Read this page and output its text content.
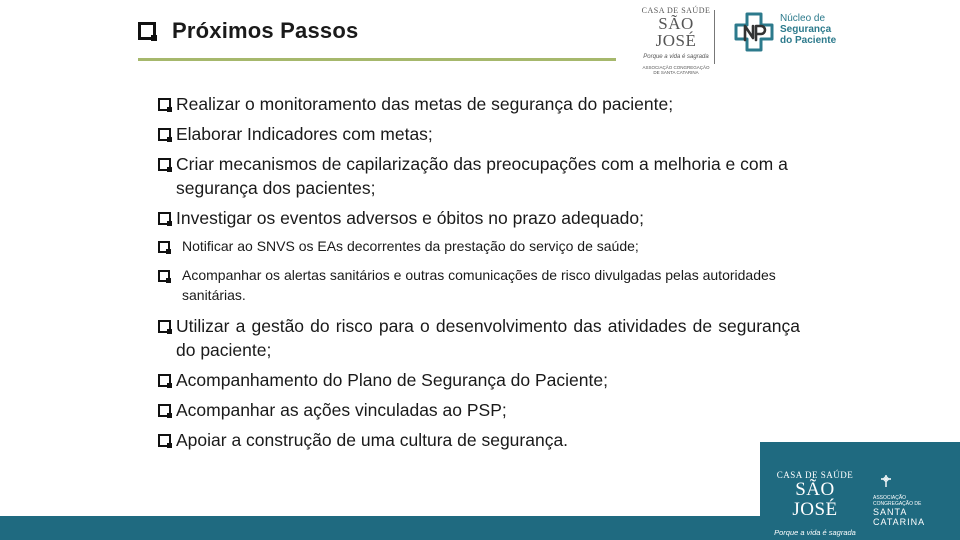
Próximos Passos
CASA DE SAÚDE
SÃO JOSÉ
Porque a vida é sagrada
ASSOCIAÇÃO CONGREGAÇÃO DE SANTA CATARINA
Núcleo de
Segurança
do Paciente
Realizar o monitoramento das metas de segurança do paciente;
Elaborar Indicadores com metas;
Criar mecanismos de capilarização das preocupações com a melhoria e com a segurança dos pacientes;
Investigar os eventos adversos e óbitos no prazo adequado;
Notificar ao SNVS os EAs decorrentes da prestação do serviço de saúde;
Acompanhar os alertas sanitários e outras comunicações de risco divulgadas pelas autoridades sanitárias.
Utilizar a gestão do risco para o desenvolvimento das atividades de segurança do paciente;
Acompanhamento do Plano de Segurança do Paciente;
Acompanhar as ações vinculadas ao PSP;
Apoiar a construção de uma cultura de segurança.
CASA DE SAÚDE
SÃO JOSÉ
Porque a vida é sagrada
ASSOCIAÇÃO CONGREGAÇÃO DE
SANTA CATARINA
